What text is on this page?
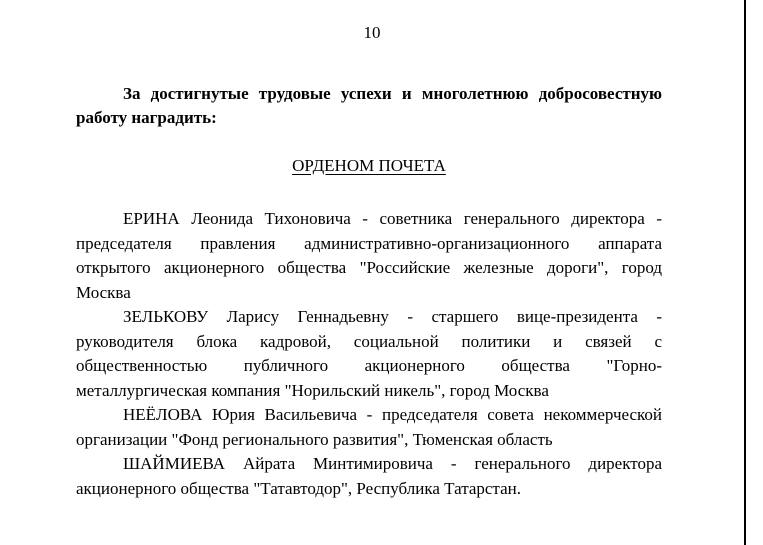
10

За достигнутые трудовые успехи и многолетнюю добросовестную работу наградить:

ОРДЕНОМ ПОЧЕТА

ЕРИНА Леонида Тихоновича - советника генерального директора - председателя правления административно-организационного аппарата открытого акционерного общества "Российские железные дороги", город Москва

ЗЕЛЬКОВУ Ларису Геннадьевну - старшего вице-президента - руководителя блока кадровой, социальной политики и связей с общественностью публичного акционерного общества "Горно-металлургическая компания "Норильский никель", город Москва

НЕЁЛОВА Юрия Васильевича - председателя совета некоммерческой организации "Фонд регионального развития", Тюменская область

ШАЙМИЕВА Айрата Минтимировича - генерального директора акционерного общества "Татавтодор", Республика Татарстан.
